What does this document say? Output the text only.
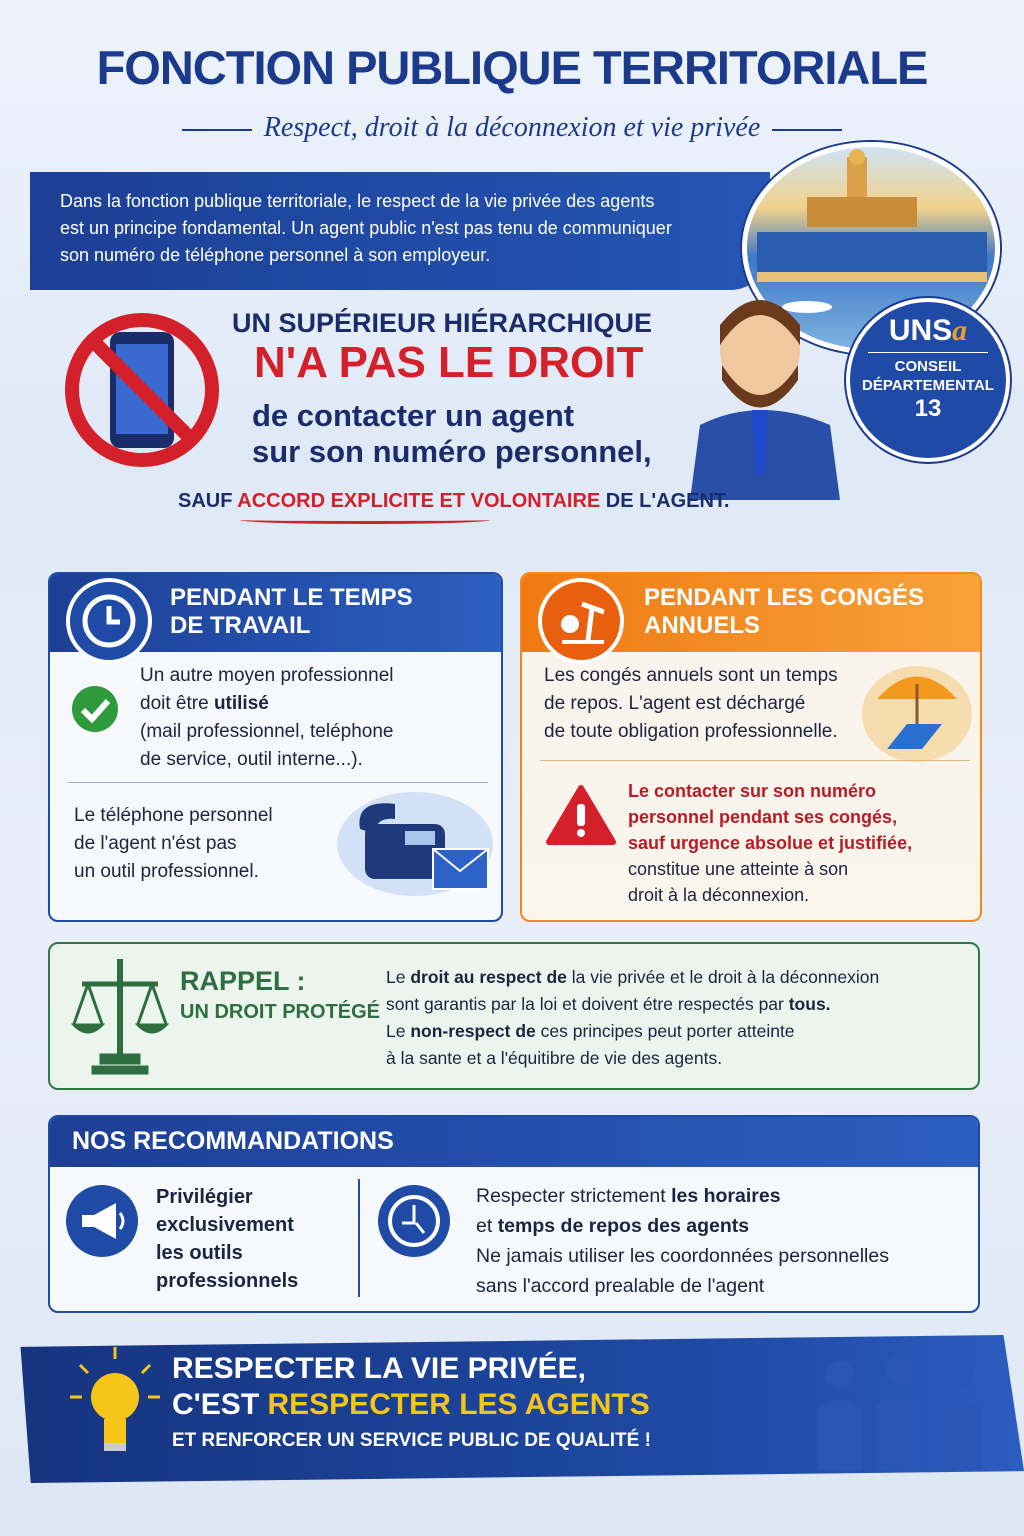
FONCTION PUBLIQUE TERRITORIALE
Respect, droit à la déconnexion et vie privée
Dans la fonction publique territoriale, le respect de la vie privée des agents
est un principe fondamental. Un agent public n'est pas tenu de communiquer
son numéro de téléphone personnel à son employeur.
UN SUPÉRIEUR HIÉRARCHIQUE
N'A PAS LE DROIT
de contacter un agent
sur son numéro personnel,
UNSa
CONSEIL
DÉPARTEMENTAL
13
SAUF ACCORD EXPLICITE ET VOLONTAIRE DE L'AGENT.
PENDANT LE TEMPS
DE TRAVAIL
Un autre moyen professionnel
doit être utilisé
(mail professionnel, teléphone
de service, outil interne...).
Le téléphone personnel
de l'agent n'ést pas
un outil professionnel.
PENDANT LES CONGÉS
ANNUELS
Les congés annuels sont un temps
de repos. L'agent est déchargé
de toute obligation professionnelle.
Le contacter sur son numéro
personnel pendant ses congés,
sauf urgence absolue et justifiée,
constitue une atteinte à son
droit à la déconnexion.
RAPPEL :
UN DROIT PROTÉGÉ
Le droit au respect de la vie privée et le droit à la déconnexion
sont garantis par la loi et doivent étre respectés par tous.
Le non-respect de ces principes peut porter atteinte
à la sante et a l'équitibre de vie des agents.
NOS RECOMMANDATIONS
Privilégier
exclusivement
les outils
professionnels
Respecter strictement les horaires
et temps de repos des agents
Ne jamais utiliser les coordonnées personnelles
sans l'accord prealable de l'agent
RESPECTER LA VIE PRIVÉE,
C'EST RESPECTER LES AGENTS
ET RENFORCER UN SERVICE PUBLIC DE QUALITÉ !
